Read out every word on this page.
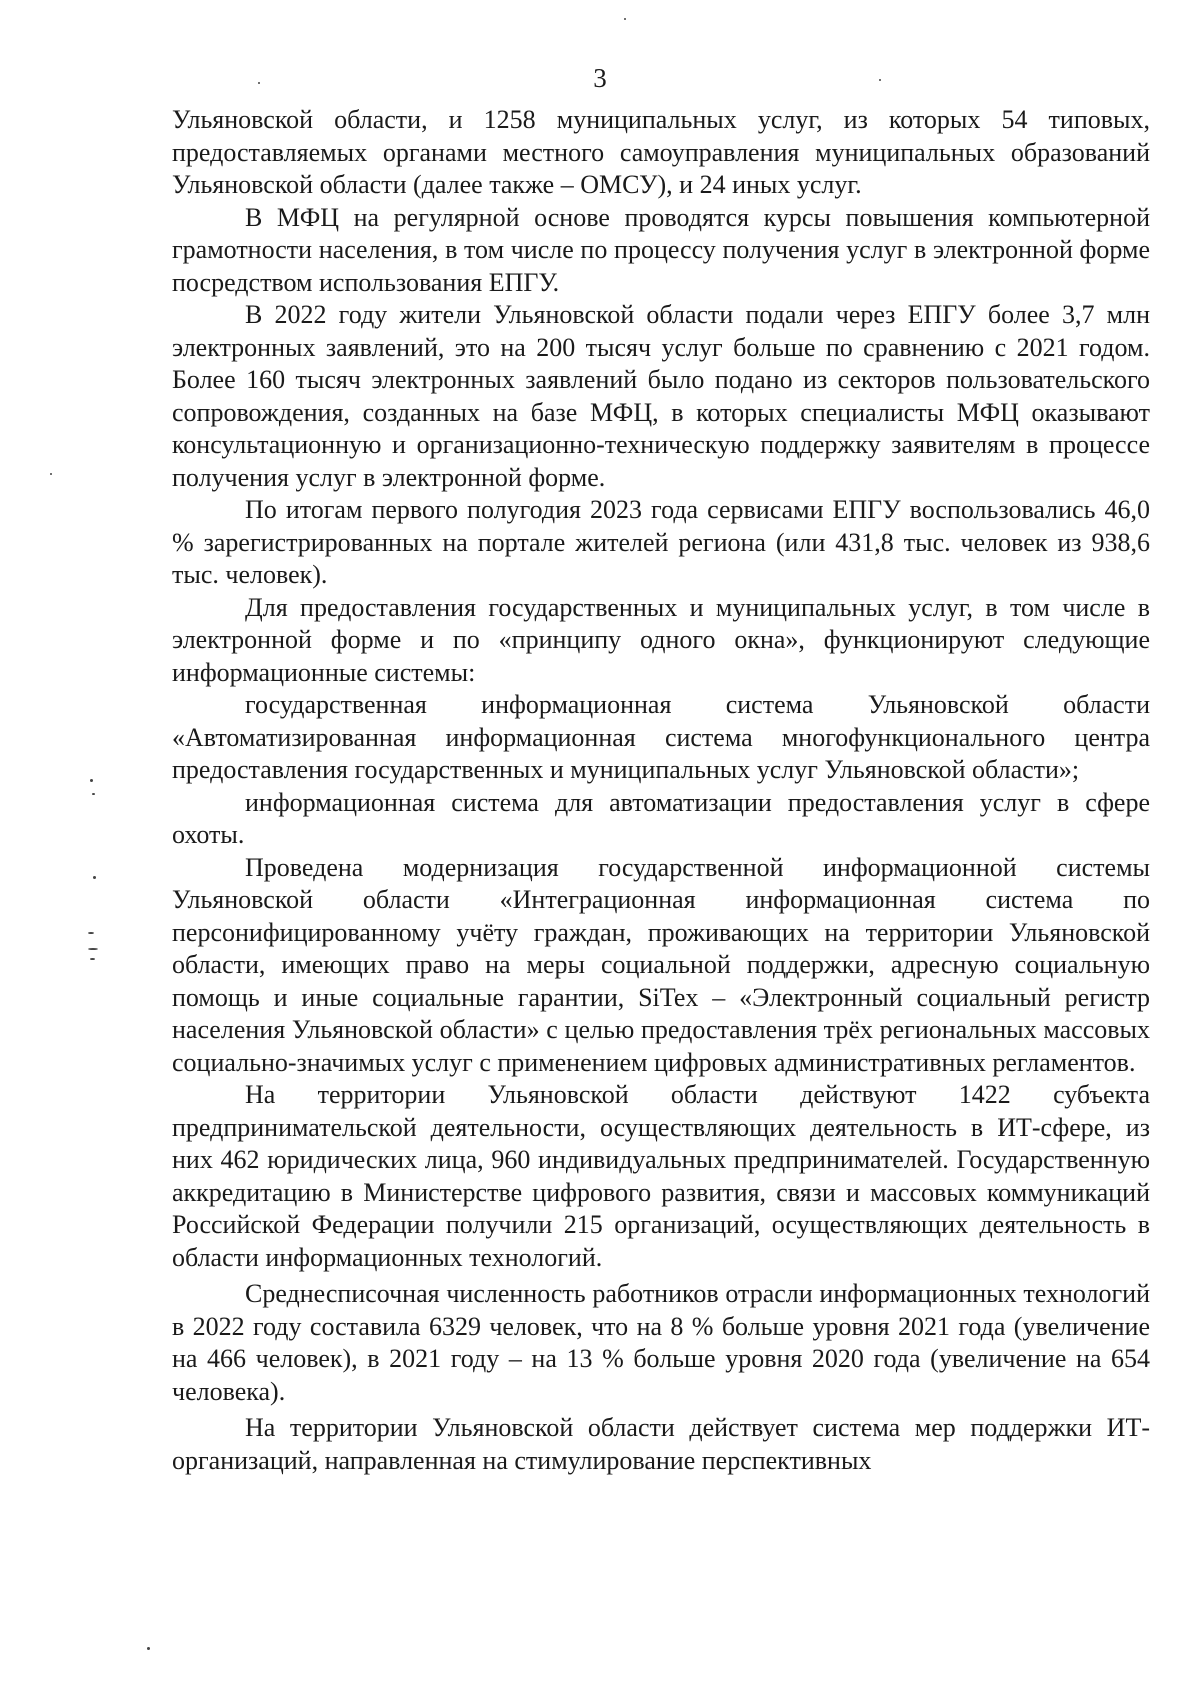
3

Ульяновской области, и 1258 муниципальных услуг, из которых 54 типовых, предоставляемых органами местного самоуправления муниципальных образований Ульяновской области (далее также – ОМСУ), и 24 иных услуг.

В МФЦ на регулярной основе проводятся курсы повышения компьютерной грамотности населения, в том числе по процессу получения услуг в электронной форме посредством использования ЕПГУ.

В 2022 году жители Ульяновской области подали через ЕПГУ более 3,7 млн электронных заявлений, это на 200 тысяч услуг больше по сравнению с 2021 годом. Более 160 тысяч электронных заявлений было подано из секторов пользовательского сопровождения, созданных на базе МФЦ, в которых специалисты МФЦ оказывают консультационную и организационно-техническую поддержку заявителям в процессе получения услуг в электронной форме.

По итогам первого полугодия 2023 года сервисами ЕПГУ воспользовались 46,0 % зарегистрированных на портале жителей региона (или 431,8 тыс. человек из 938,6 тыс. человек).

Для предоставления государственных и муниципальных услуг, в том числе в электронной форме и по «принципу одного окна», функционируют следующие информационные системы:

государственная информационная система Ульяновской области «Автоматизированная информационная система многофункционального центра предоставления государственных и муниципальных услуг Ульяновской области»;

информационная система для автоматизации предоставления услуг в сфере охоты.

Проведена модернизация государственной информационной системы Ульяновской области «Интеграционная информационная система по персонифицированному учёту граждан, проживающих на территории Ульяновской области, имеющих право на меры социальной поддержки, адресную социальную помощь и иные социальные гарантии, SiTex – «Электронный социальный регистр населения Ульяновской области» с целью предоставления трёх региональных массовых социально-значимых услуг с применением цифровых административных регламентов.

На территории Ульяновской области действуют 1422 субъекта предпринимательской деятельности, осуществляющих деятельность в ИТ-сфере, из них 462 юридических лица, 960 индивидуальных предпринимателей. Государственную аккредитацию в Министерстве цифрового развития, связи и массовых коммуникаций Российской Федерации получили 215 организаций, осуществляющих деятельность в области информационных технологий.

Среднесписочная численность работников отрасли информационных технологий в 2022 году составила 6329 человек, что на 8 % больше уровня 2021 года (увеличение на 466 человек), в 2021 году – на 13 % больше уровня 2020 года (увеличение на 654 человека).

На территории Ульяновской области действует система мер поддержки ИТ-организаций, направленная на стимулирование перспективных
